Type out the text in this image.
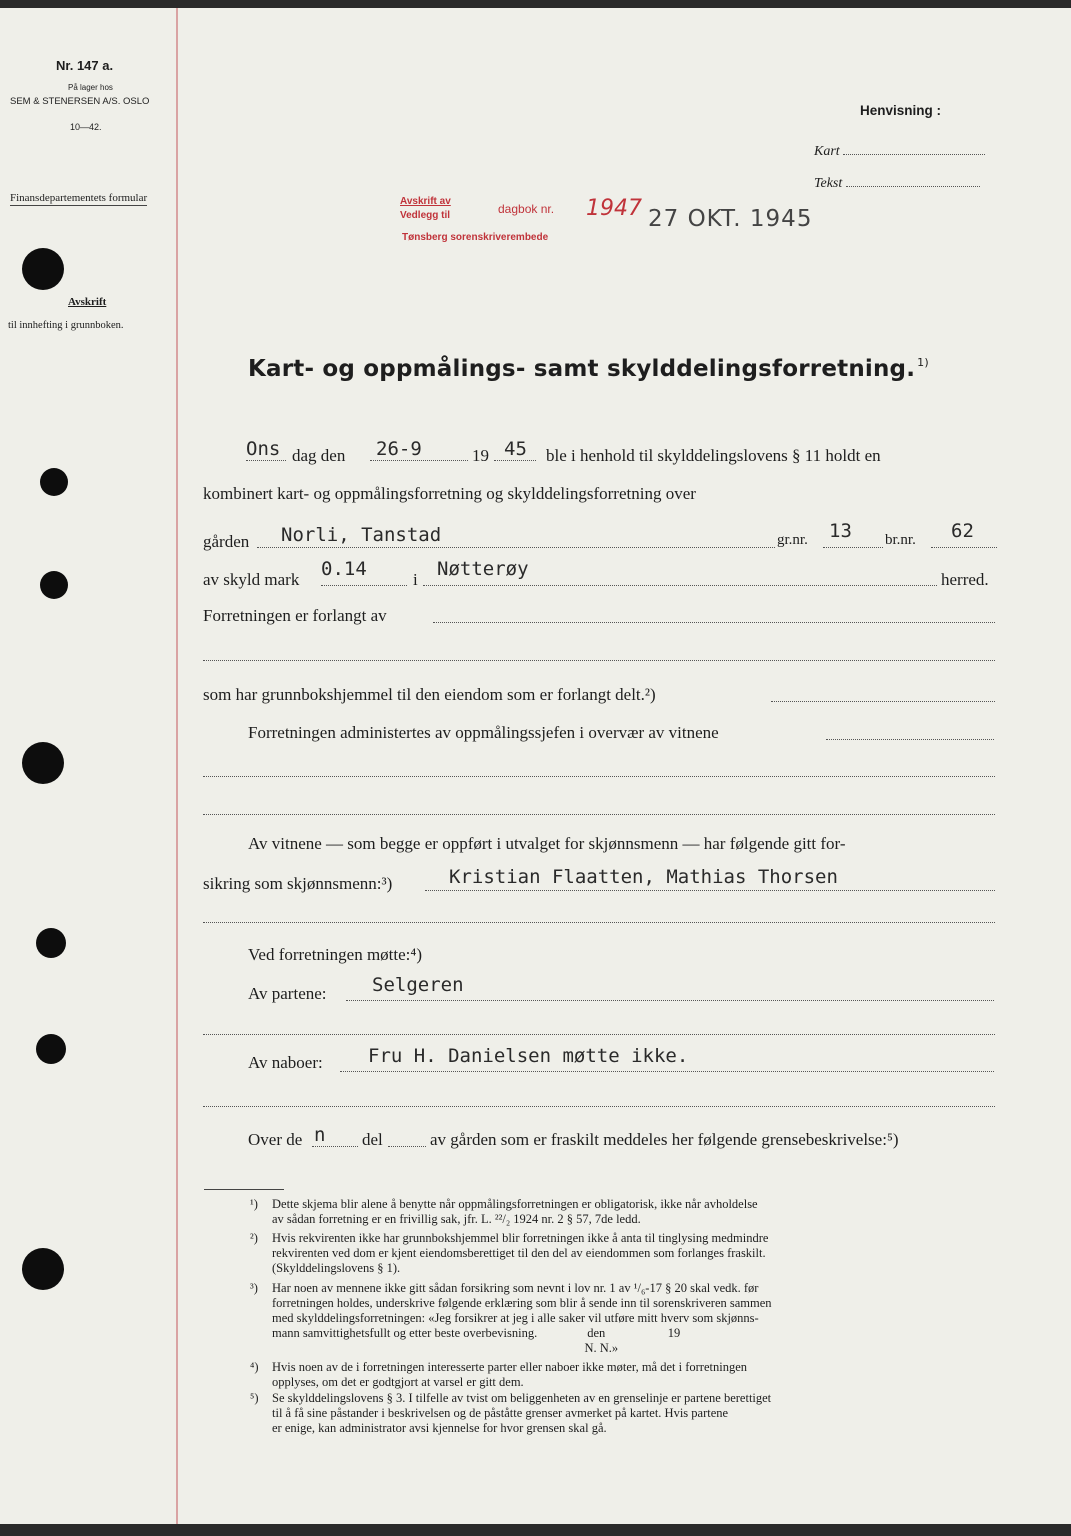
Nr. 147 a.
På lager hos
SEM & STENERSEN A/S. OSLO
10—42.
Finansdepartementets formular
Avskrift
til innhefting i grunnboken.
Henvisning :
Kart
Tekst
Avskrift av
Vedlegg til	dagbok nr.
Tønsberg sorenskriverembede
1947 27 OKT. 1945
Kart- og oppmålings- samt skylddelingsforretning. $^{1)}$
Ons dag den 26-9	19 45 ble i henhold til skylddelingslovens § 11 holdt en
kombinert kart- og oppmålingsforretning og skylddelingsforretning over
gården Norli, Tanstad	gr.nr. 13 br.nr. 62
av skyld mark 0.14	i Nøtterøy	herred.
Forretningen er forlangt av
som har grunnbokshjemmel til den eiendom som er forlangt delt.²)
Forretningen administertes av oppmålingssjefen i overvær av vitnene
Av vitnene — som begge er oppført i utvalget for skjønnsmenn — har følgende gitt for-
sikring som skjønnsmenn:³)	Kristian Flaatten, Mathias Thorsen
Ved forretningen møtte:⁴)
Av partene: Selgeren
Av naboer: Fru H. Danielsen møtte ikke.
Over de n del	av gården som er fraskilt meddeles her følgende grensebeskrivelse:⁵)
¹) Dette skjema blir alene å benytte når oppmålingsforretningen er obligatorisk, ikke når avholdelse
av sådan forretning er en frivillig sak, jfr. L. ²²/₂ 1924 nr. 2 § 57, 7de ledd.
²) Hvis rekvirenten ikke har grunnbokshjemmel blir forretningen ikke å anta til tinglysing medmindre
rekvirenten ved dom er kjent eiendomsberettiget til den del av eiendommen som forlanges fraskilt.
(Skylddelingslovens § 1).
³) Har noen av mennene ikke gitt sådan forsikring som nevnt i lov nr. 1 av ¹/₆-17 § 20 skal vedk. før
forretningen holdes, underskrive følgende erklæring som blir å sende inn til sorenskriveren sammen
med skylddelingsforretningen: «Jeg forsikrer at jeg i alle saker vil utføre mitt hverv som skjønns-
mann samvittighetsfullt og etter beste overbevisning.                den                    19
N. N.»
⁴) Hvis noen av de i forretningen interesserte parter eller naboer ikke møter, må det i forretningen
opplyses, om det er godtgjort at varsel er gitt dem.
⁵) Se skylddelingslovens § 3. I tilfelle av tvist om beliggenheten av en grenselinje er partene berettiget
til å få sine påstander i beskrivelsen og de påståtte grenser avmerket på kartet. Hvis partene
er enige, kan administrator avsi kjennelse for hvor grensen skal gå.
